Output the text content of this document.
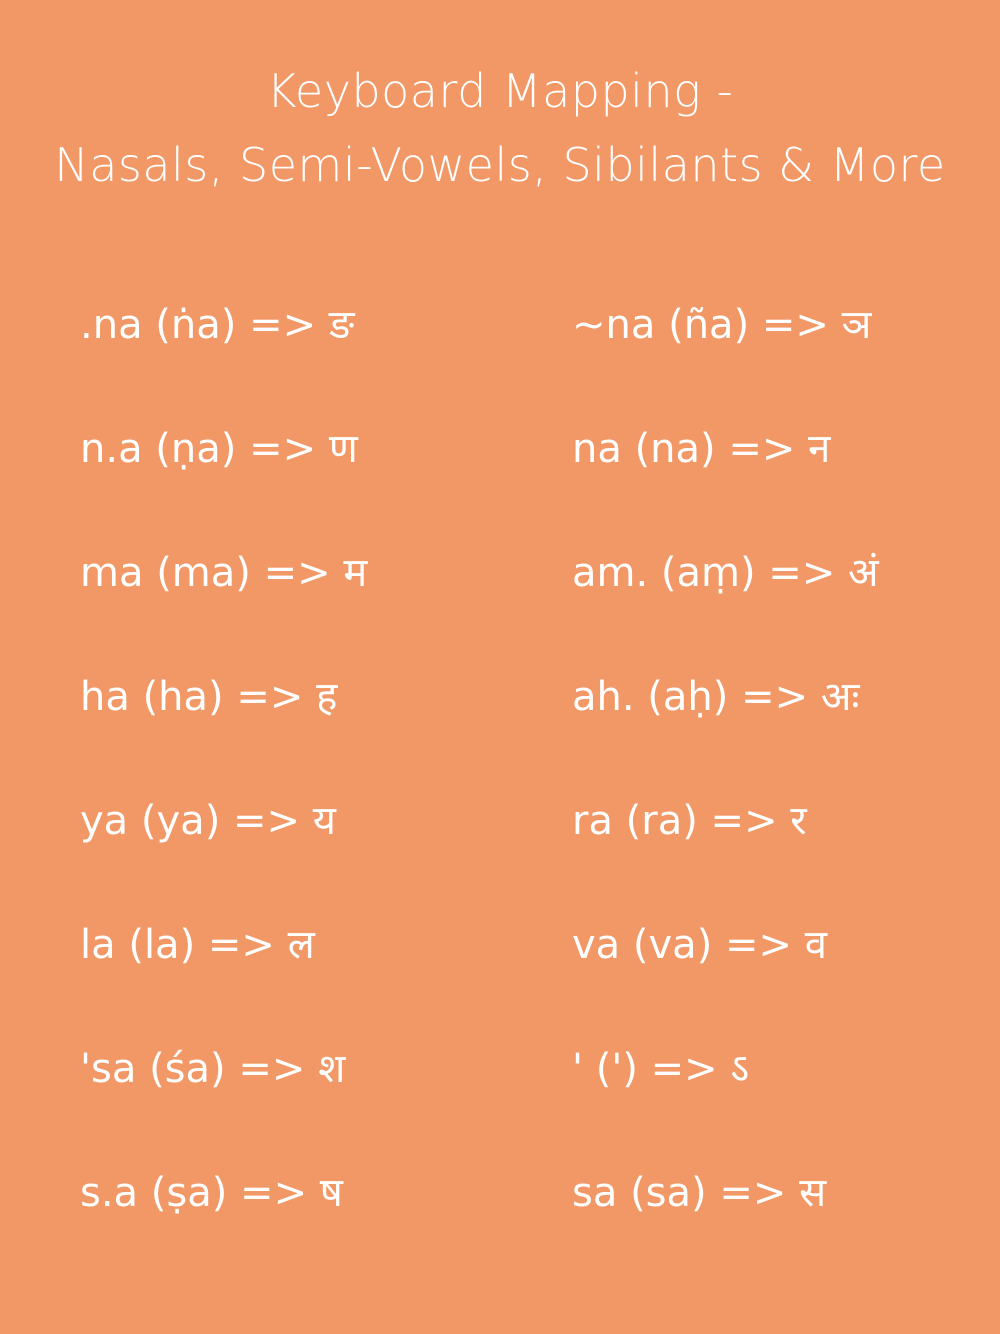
Keyboard Mapping -
Nasals, Semi-Vowels, Sibilants & More
.na (ṅa) => ङ	~na (ña) => ञ
n.a (ṇa) => ण	na (na) => न
ma (ma) => म	am. (aṃ) => अं
ha (ha) => ह	ah. (aḥ) => अः
ya (ya) => य	ra (ra) => र
la (la) => ल	va (va) => व
'sa (śa) => श	' (') => ऽ
s.a (ṣa) => ष	sa (sa) => स
